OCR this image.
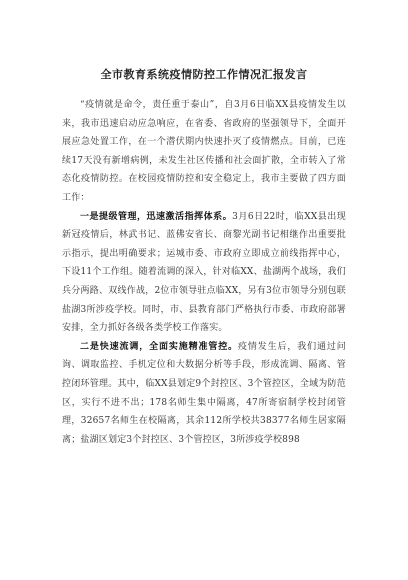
全市教育系统疫情防控工作情况汇报发言

“疫情就是命令，责任重于泰山”，自3月6日临XX县疫情发生以来，我市迅速启动应急响应，在省委、省政府的坚强领导下，全面开展应急处置工作，在一个潜伏期内快速扑灭了疫情燃点。目前，已连续17天没有新增病例，未发生社区传播和社会面扩散，全市转入了常态化疫情防控。在校园疫情防控和安全稳定上，我市主要做了四方面工作：

一是提级管理，迅速激活指挥体系。3月6日22时，临XX县出现新冠疫情后，林武书记、蓝佛安省长、商黎光副书记相继作出重要批示指示，提出明确要求；运城市委、市政府立即成立前线指挥中心，下设11个工作组。随着流调的深入，针对临XX、盐湖两个战场，我们兵分两路、双线作战，2位市领导驻点临XX，另有3位市领导分别包联盐湖3所涉疫学校。同时，市、县教育部门严格执行市委、市政府部署安排，全力抓好各级各类学校工作落实。

二是快速流调，全面实施精准管控。疫情发生后，我们通过问询、调取监控、手机定位和大数据分析等手段，形成流调、隔离、管控闭环管理。其中，临XX县划定9个封控区、3个管控区，全域为防范区，实行不进不出；178名师生集中隔离，47所寄宿制学校封闭管理，32657名师生在校隔离，其余112所学校共38377名师生居家隔离；盐湖区划定3个封控区、3个管控区，3所涉疫学校898
